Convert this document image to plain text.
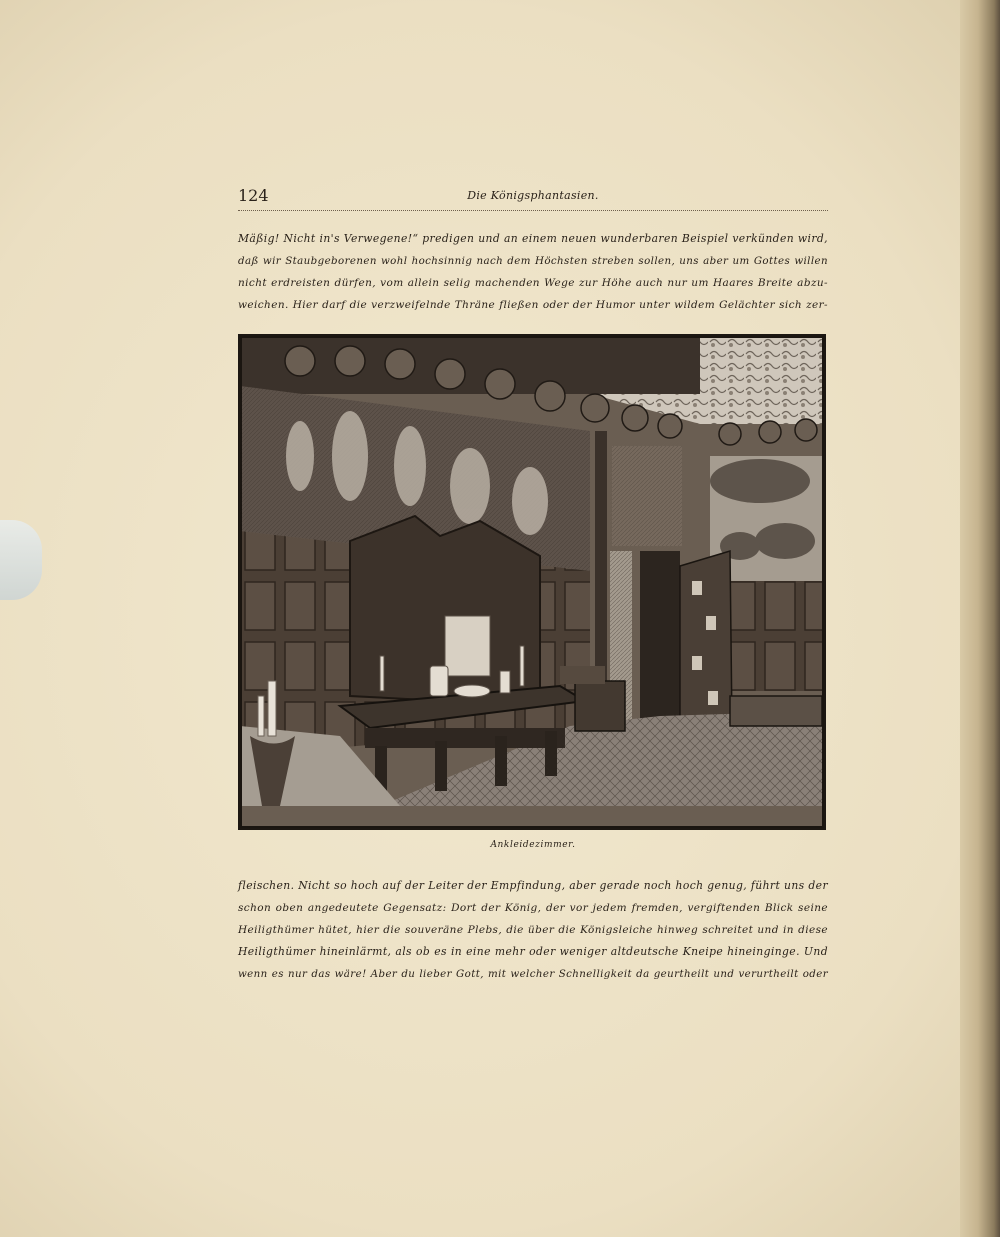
124	Die Königsphantasien.
Mäßig! Nicht in's Verwegene!“ predigen und an einem neuen wunderbaren Beispiel verkünden wird,
daß wir Staubgeborenen wohl hochsinnig nach dem Höchsten streben sollen, uns aber um Gottes willen
nicht erdreisten dürfen, vom allein selig machenden Wege zur Höhe auch nur um Haares Breite abzu-
weichen. Hier darf die verzweifelnde Thräne fließen oder der Humor unter wildem Gelächter sich zer-
Ankleidezimmer.
fleischen. Nicht so hoch auf der Leiter der Empfindung, aber gerade noch hoch genug, führt uns der
schon oben angedeutete Gegensatz: Dort der König, der vor jedem fremden, vergiftenden Blick seine
Heiligthümer hütet, hier die souveräne Plebs, die über die Königsleiche hinweg schreitet und in diese
Heiligthümer hineinlärmt, als ob es in eine mehr oder weniger altdeutsche Kneipe hineinginge. Und
wenn es nur das wäre! Aber du lieber Gott, mit welcher Schnelligkeit da geurtheilt und verurtheilt oder
